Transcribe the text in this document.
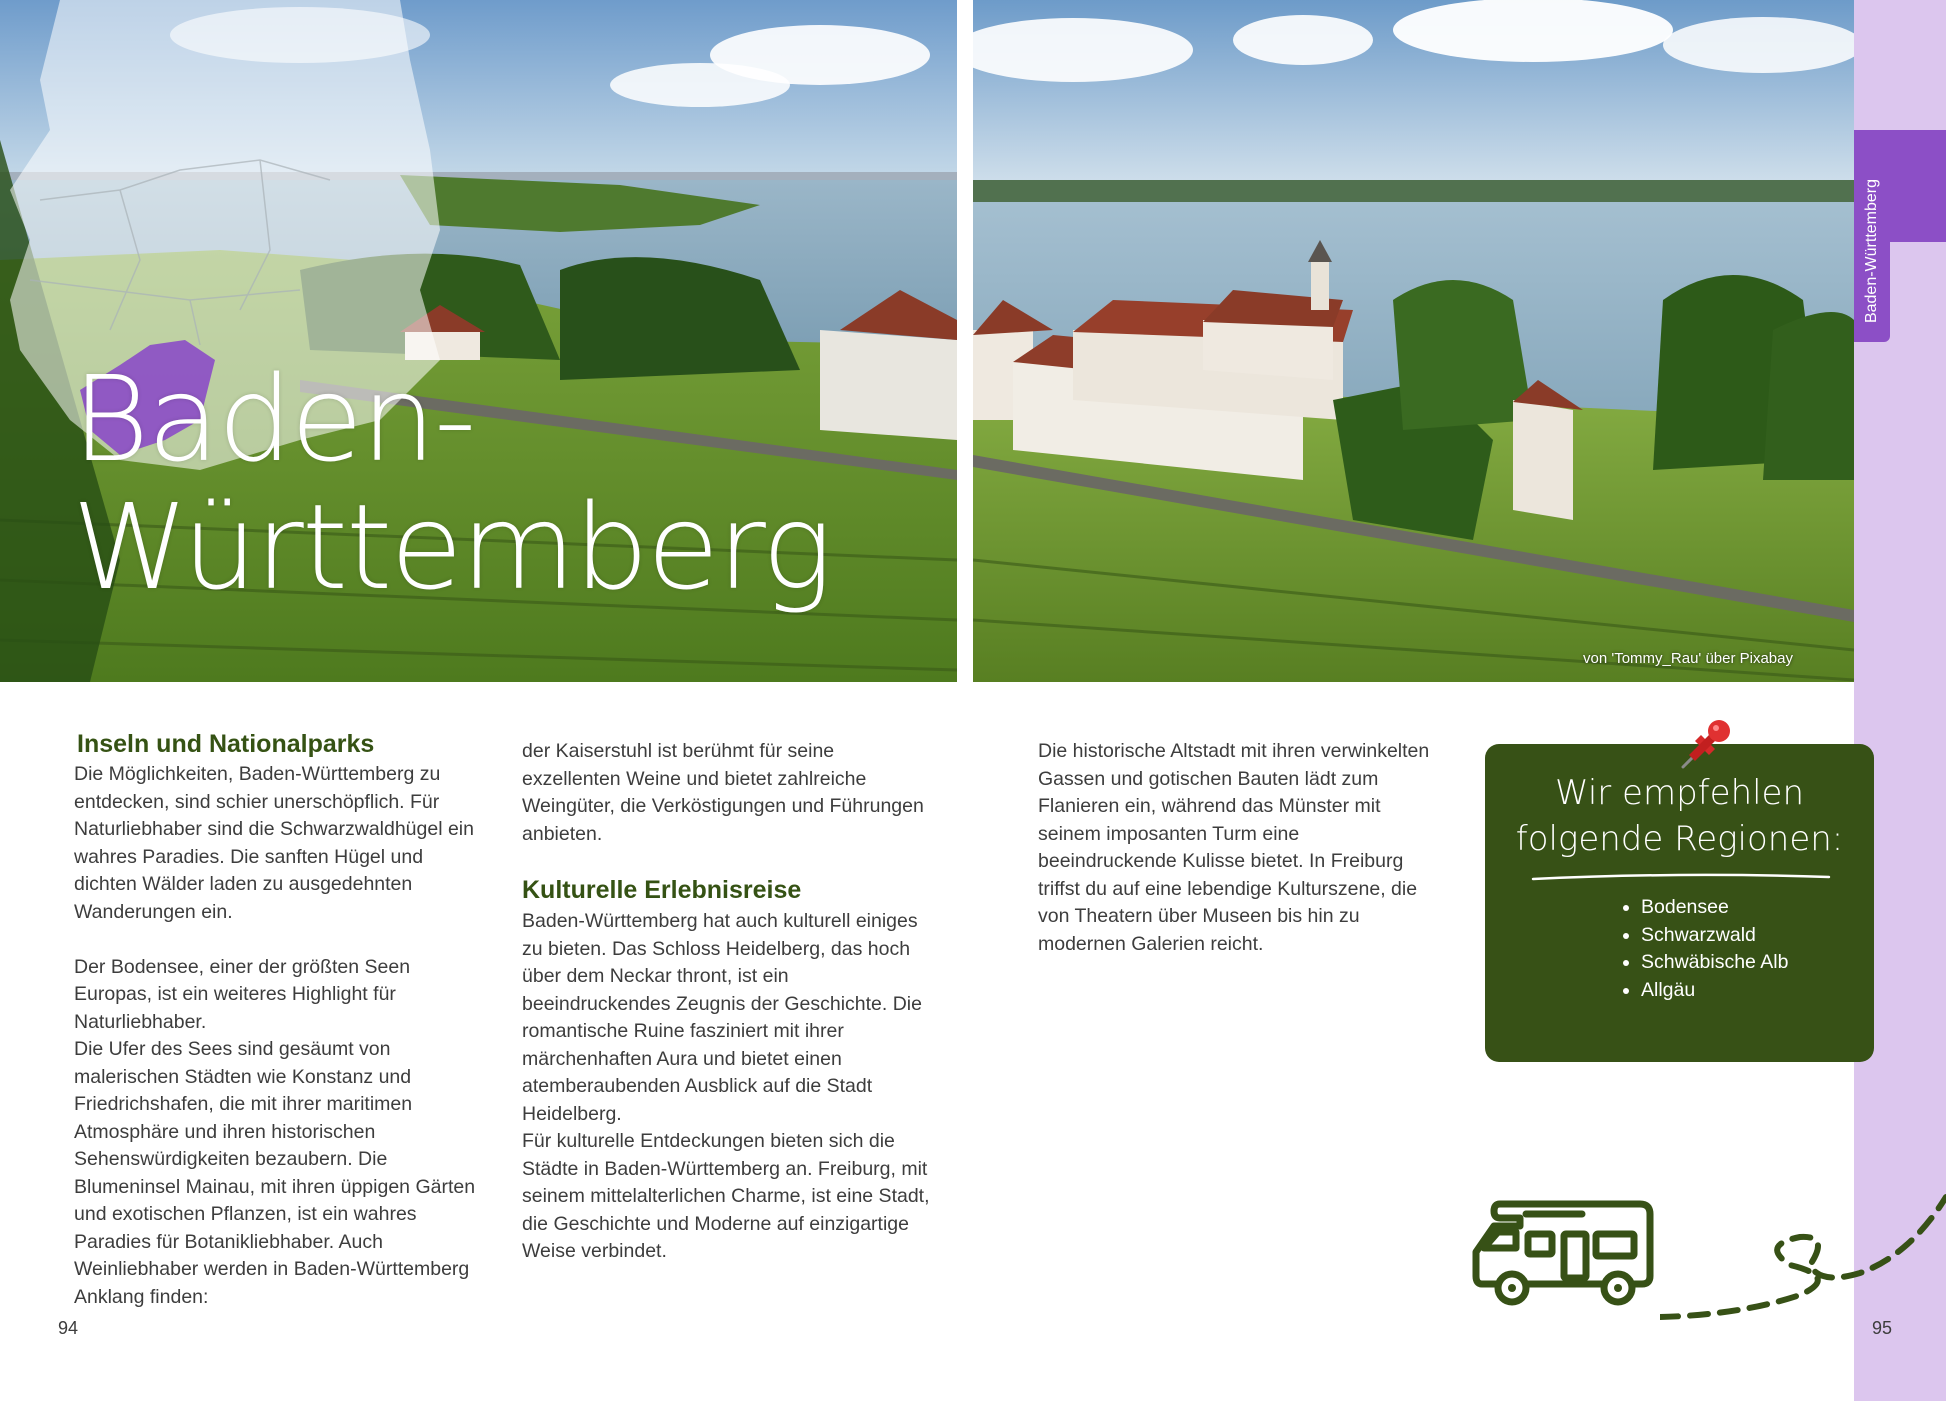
Baden-
Württemberg
von 'Tommy_Rau' über Pixabay
Baden-Württemberg
Inseln und Nationalparks

Die Möglichkeiten, Baden-Württemberg zu entdecken, sind schier unerschöpflich. Für Naturliebhaber sind die Schwarzwaldhügel ein wahres Paradies. Die sanften Hügel und dichten Wälder laden zu ausgedehnten Wanderungen ein.

Der Bodensee, einer der größten Seen Europas, ist ein weiteres Highlight für Naturliebhaber.

Die Ufer des Sees sind gesäumt von malerischen Städten wie Konstanz und Friedrichshafen, die mit ihrer maritimen Atmosphäre und ihren historischen Sehenswürdigkeiten bezaubern. Die Blumeninsel Mainau, mit ihren üppigen Gärten und exotischen Pflanzen, ist ein wahres Paradies für Botanikliebhaber. Auch Weinliebhaber werden in Baden-Württemberg Anklang finden:

der Kaiserstuhl ist berühmt für seine exzellenten Weine und bietet zahlreiche Weingüter, die Verköstigungen und Führungen anbieten.

Kulturelle Erlebnisreise

Baden-Württemberg hat auch kulturell einiges zu bieten. Das Schloss Heidelberg, das hoch über dem Neckar thront, ist ein beeindruckendes Zeugnis der Geschichte. Die romantische Ruine fasziniert mit ihrer märchenhaften Aura und bietet einen atemberaubenden Ausblick auf die Stadt Heidelberg.

Für kulturelle Entdeckungen bieten sich die Städte in Baden-Württemberg an. Freiburg, mit seinem mittelalterlichen Charme, ist eine Stadt, die Geschichte und Moderne auf einzigartige Weise verbindet.

Die historische Altstadt mit ihren verwinkelten Gassen und gotischen Bauten lädt zum Flanieren ein, während das Münster mit seinem imposanten Turm eine beeindruckende Kulisse bietet. In Freiburg triffst du auf eine lebendige Kulturszene, die von Theatern über Museen bis hin zu modernen Galerien reicht.

Wir empfehlen
folgende Regionen:
• Bodensee
• Schwarzwald
• Schwäbische Alb
• Allgäu
94	95
